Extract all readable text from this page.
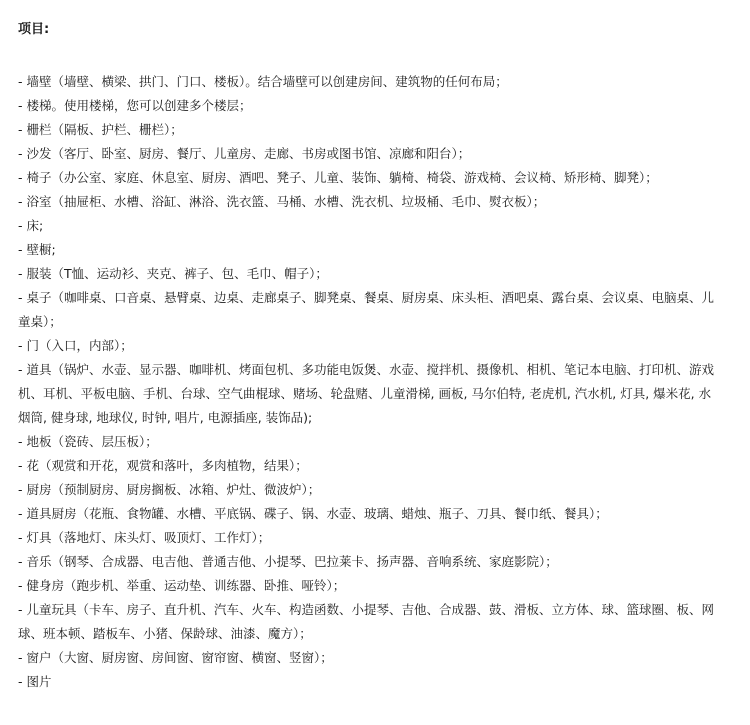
项目:
- 墙壁（墙壁、横梁、拱门、门口、楼板）。结合墙壁可以创建房间、建筑物的任何布局；
- 楼梯。使用楼梯，您可以创建多个楼层；
- 栅栏（隔板、护栏、栅栏）；
- 沙发（客厅、卧室、厨房、餐厅、儿童房、走廊、书房或图书馆、凉廊和阳台）；
- 椅子（办公室、家庭、休息室、厨房、酒吧、凳子、儿童、装饰、躺椅、椅袋、游戏椅、会议椅、矫形椅、脚凳）；
- 浴室（抽屉柜、水槽、浴缸、淋浴、洗衣篮、马桶、水槽、洗衣机、垃圾桶、毛巾、熨衣板）；
- 床;
- 壁橱;
- 服装（T恤、运动衫、夹克、裤子、包、毛巾、帽子）；
- 桌子（咖啡桌、口音桌、悬臂桌、边桌、走廊桌子、脚凳桌、餐桌、厨房桌、床头柜、酒吧桌、露台桌、会议桌、电脑桌、儿童桌）；
- 门（入口，内部）；
- 道具（锅炉、水壶、显示器、咖啡机、烤面包机、多功能电饭煲、水壶、搅拌机、摄像机、相机、笔记本电脑、打印机、游戏机、耳机、平板电脑、手机、台球、空气曲棍球、赌场、轮盘赌、儿童滑梯, 画板, 马尔伯特, 老虎机, 汽水机, 灯具, 爆米花, 水烟筒, 健身球, 地球仪, 时钟, 唱片, 电源插座, 装饰品);
- 地板（瓷砖、层压板）；
- 花（观赏和开花，观赏和落叶，多肉植物，结果）；
- 厨房（预制厨房、厨房搁板、冰箱、炉灶、微波炉）；
- 道具厨房（花瓶、食物罐、水槽、平底锅、碟子、锅、水壶、玻璃、蜡烛、瓶子、刀具、餐巾纸、餐具）；
- 灯具（落地灯、床头灯、吸顶灯、工作灯）；
- 音乐（钢琴、合成器、电吉他、普通吉他、小提琴、巴拉莱卡、扬声器、音响系统、家庭影院）；
- 健身房（跑步机、举重、运动垫、训练器、卧推、哑铃）；
- 儿童玩具（卡车、房子、直升机、汽车、火车、构造函数、小提琴、吉他、合成器、鼓、滑板、立方体、球、篮球圈、板、网球、班本顿、踏板车、小猪、保龄球、油漆、魔方）；
- 窗户（大窗、厨房窗、房间窗、窗帘窗、横窗、竖窗）；
- 图片
